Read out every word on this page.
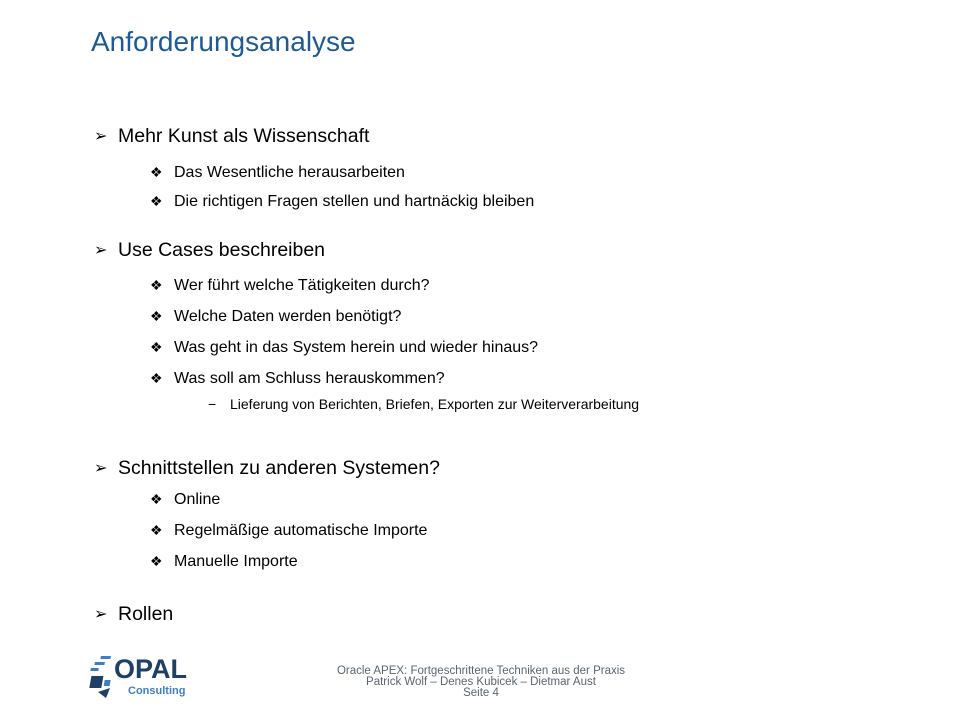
Anforderungsanalyse
➢ Mehr Kunst als Wissenschaft
❖ Das Wesentliche herausarbeiten
❖ Die richtigen Fragen stellen und hartnäckig bleiben
➢ Use Cases beschreiben
❖ Wer führt welche Tätigkeiten durch?
❖ Welche Daten werden benötigt?
❖ Was geht in das System herein und wieder hinaus?
❖ Was soll am Schluss herauskommen?
− Lieferung von Berichten, Briefen, Exporten zur Weiterverarbeitung
➢ Schnittstellen zu anderen Systemen?
❖ Online
❖ Regelmäßige automatische Importe
❖ Manuelle Importe
➢ Rollen
OPAL
Consulting
Oracle APEX: Fortgeschrittene Techniken aus der Praxis
Patrick Wolf – Denes Kubicek – Dietmar Aust
Seite 4
